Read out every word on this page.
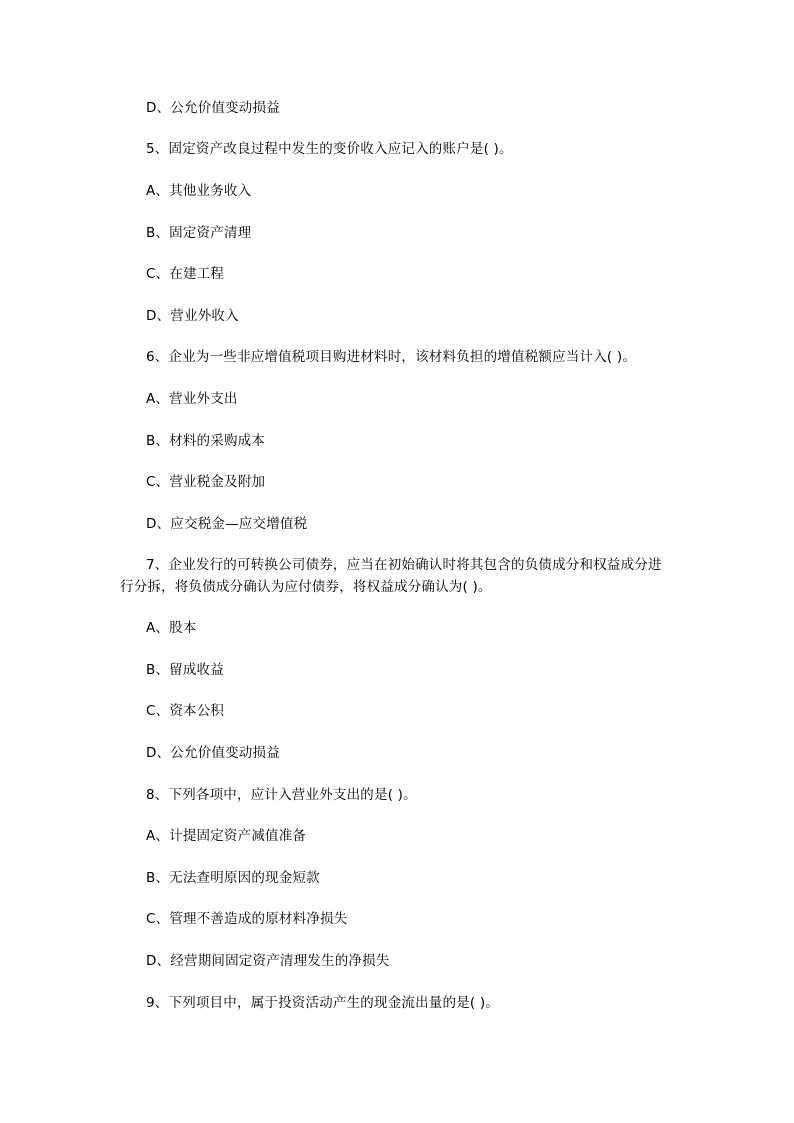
D、公允价值变动损益
5、固定资产改良过程中发生的变价收入应记入的账户是( )。
A、其他业务收入
B、固定资产清理
C、在建工程
D、营业外收入
6、企业为一些非应增值税项目购进材料时，该材料负担的增值税额应当计入( )。
A、营业外支出
B、材料的采购成本
C、营业税金及附加
D、应交税金—应交增值税
7、企业发行的可转换公司债券，应当在初始确认时将其包含的负债成分和权益成分进
行分拆，将负债成分确认为应付债券，将权益成分确认为( )。
A、股本
B、留成收益
C、资本公积
D、公允价值变动损益
8、下列各项中，应计入营业外支出的是( )。
A、计提固定资产减值准备
B、无法查明原因的现金短款
C、管理不善造成的原材料净损失
D、经营期间固定资产清理发生的净损失
9、下列项目中，属于投资活动产生的现金流出量的是( )。
